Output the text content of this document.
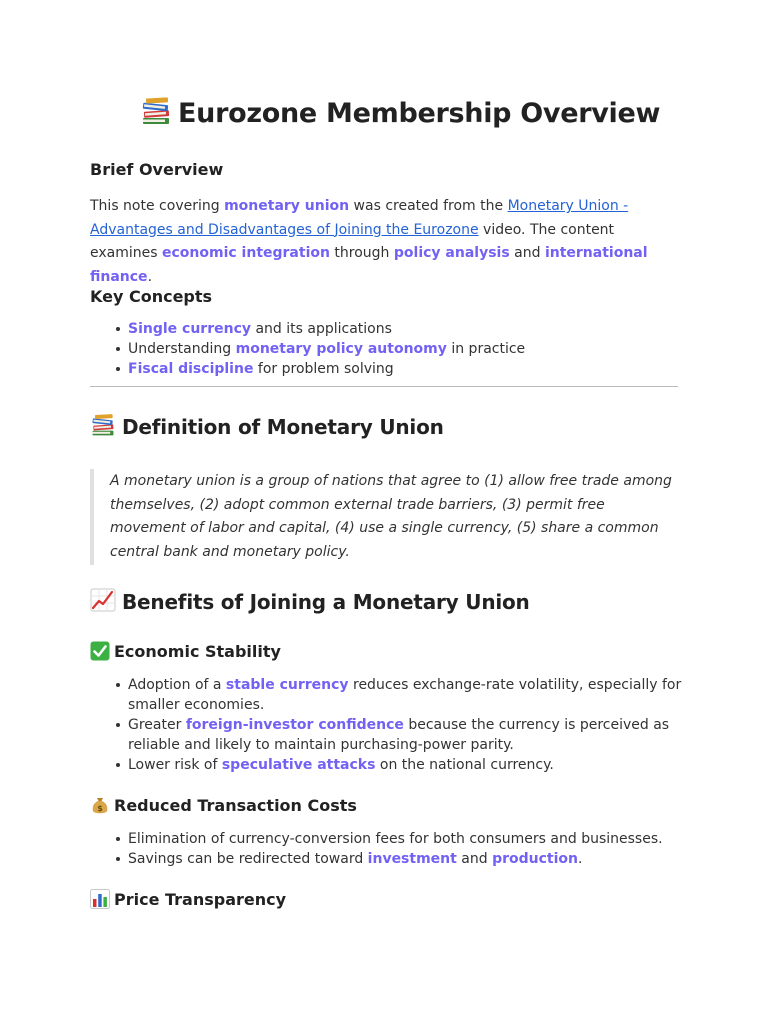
Eurozone Membership Overview
Brief Overview

This note covering monetary union was created from the Monetary Union - Advantages and Disadvantages of Joining the Eurozone video. The content examines economic integration through policy analysis and international finance.

Key Concepts
Single currency and its applications
Understanding monetary policy autonomy in practice
Fiscal discipline for problem solving
Definition of Monetary Union
A monetary union is a group of nations that agree to (1) allow free trade among themselves, (2) adopt common external trade barriers, (3) permit free movement of labor and capital, (4) use a single currency, (5) share a common central bank and monetary policy.
Benefits of Joining a Monetary Union
Economic Stability
Adoption of a stable currency reduces exchange-rate volatility, especially for smaller economies.
Greater foreign-investor confidence because the currency is perceived as reliable and likely to maintain purchasing-power parity.
Lower risk of speculative attacks on the national currency.
Reduced Transaction Costs
Elimination of currency-conversion fees for both consumers and businesses.
Savings can be redirected toward investment and production.
Price Transparency
